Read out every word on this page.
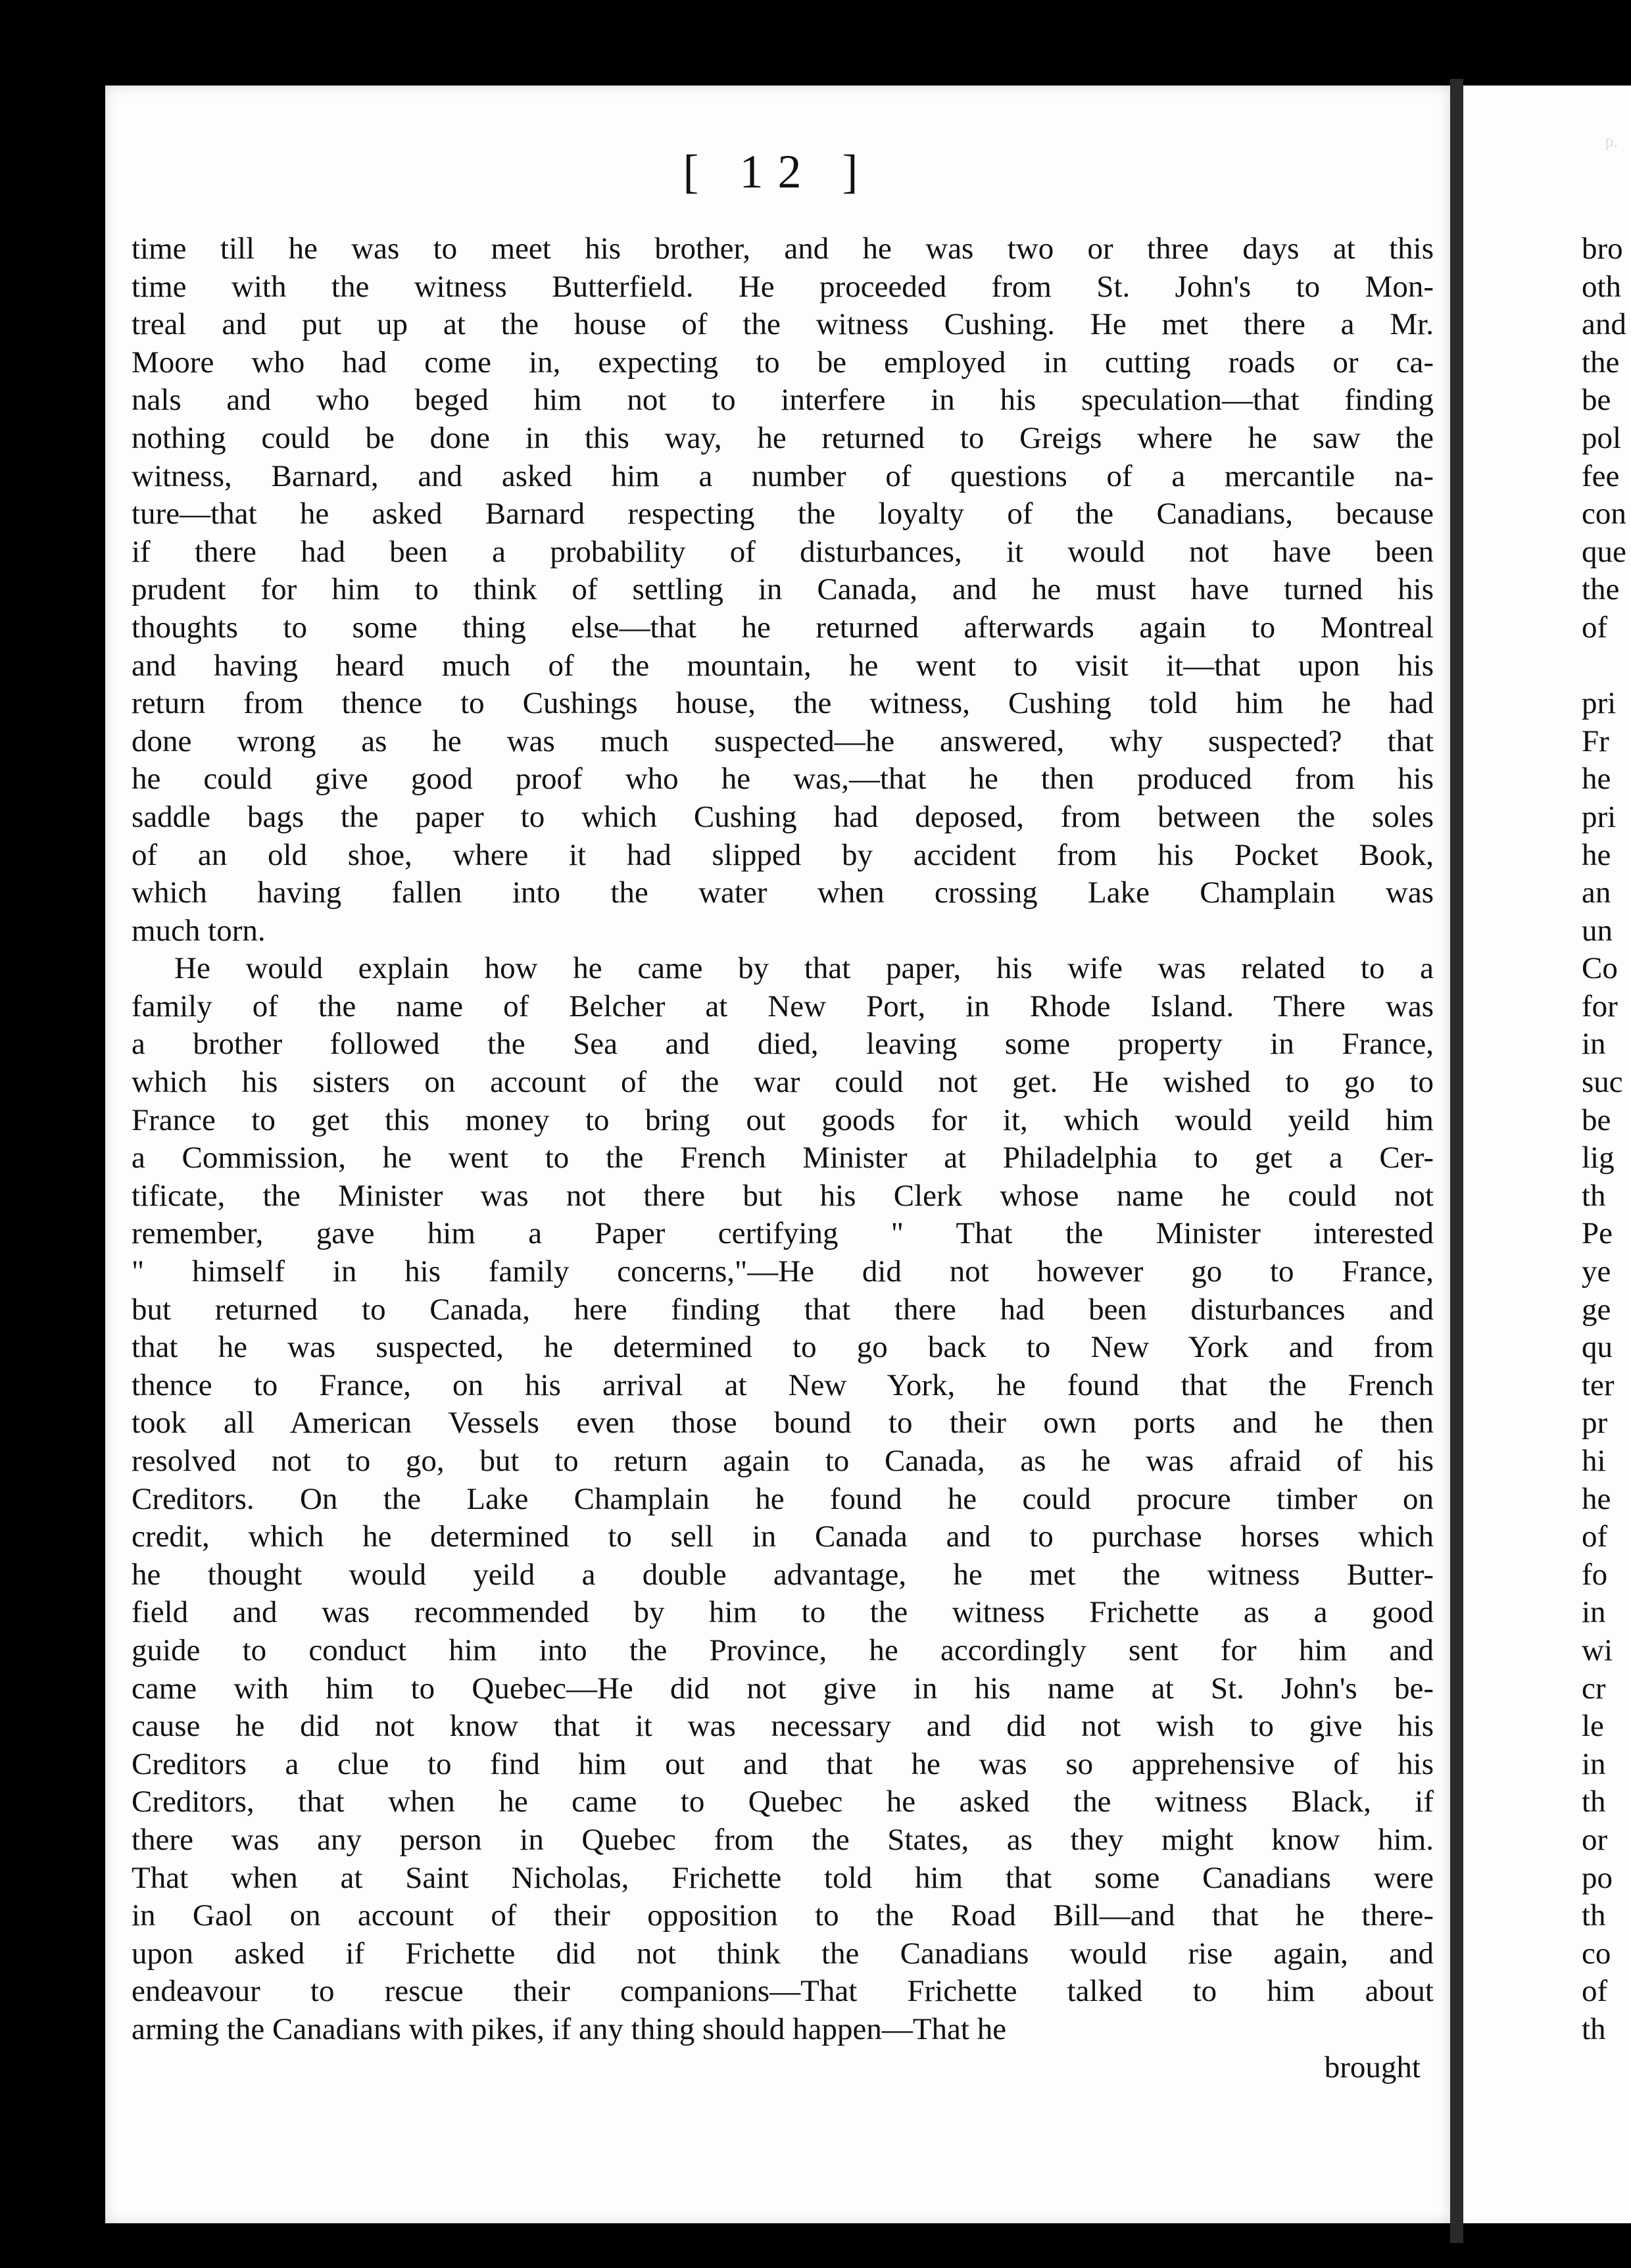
[ 12 ]
time till he was to meet his brother, and he was two or three days at this
time with the witness Butterfield. He proceeded from St. John's to Mon-
treal and put up at the house of the witness Cushing. He met there a Mr.
Moore who had come in, expecting to be employed in cutting roads or ca-
nals and who beged him not to interfere in his speculation—that finding
nothing could be done in this way, he returned to Greigs where he saw the
witness, Barnard, and asked him a number of questions of a mercantile na-
ture—that he asked Barnard respecting the loyalty of the Canadians, because
if there had been a probability of disturbances, it would not have been
prudent for him to think of settling in Canada, and he must have turned his
thoughts to some thing else—that he returned afterwards again to Montreal
and having heard much of the mountain, he went to visit it—that upon his
return from thence to Cushings house, the witness, Cushing told him he had
done wrong as he was much suspected—he answered, why suspected? that
he could give good proof who he was,—that he then produced from his
saddle bags the paper to which Cushing had deposed, from between the soles
of an old shoe, where it had slipped by accident from his Pocket Book,
which having fallen into the water when crossing Lake Champlain was
much torn.
He would explain how he came by that paper, his wife was related to a
family of the name of Belcher at New Port, in Rhode Island. There was
a brother followed the Sea and died, leaving some property in France,
which his sisters on account of the war could not get. He wished to go to
France to get this money to bring out goods for it, which would yeild him
a Commission, he went to the French Minister at Philadelphia to get a Cer-
tificate, the Minister was not there but his Clerk whose name he could not
remember, gave him a Paper certifying " That the Minister interested
" himself in his family concerns,"—He did not however go to France,
but returned to Canada, here finding that there had been disturbances and
that he was suspected, he determined to go back to New York and from
thence to France, on his arrival at New York, he found that the French
took all American Vessels even those bound to their own ports and he then
resolved not to go, but to return again to Canada, as he was afraid of his
Creditors. On the Lake Champlain he found he could procure timber on
credit, which he determined to sell in Canada and to purchase horses which
he thought would yeild a double advantage, he met the witness Butter-
field and was recommended by him to the witness Frichette as a good
guide to conduct him into the Province, he accordingly sent for him and
came with him to Quebec—He did not give in his name at St. John's be-
cause he did not know that it was necessary and did not wish to give his
Creditors a clue to find him out and that he was so apprehensive of his
Creditors, that when he came to Quebec he asked the witness Black, if
there was any person in Quebec from the States, as they might know him.
That when at Saint Nicholas, Frichette told him that some Canadians were
in Gaol on account of their opposition to the Road Bill—and that he there-
upon asked if Frichette did not think the Canadians would rise again, and
endeavour to rescue their companions—That Frichette talked to him about
arming the Canadians with pikes, if any thing should happen—That he
brought
p.
bro
oth
and
the
be
pol
fee
con
que
the
of
pri
Fr
he
pri
he
an
un
Co
for
in
suc
be
lig
th
Pe
ye
ge
qu
ter
pr
hi
he
of
fo
in
wi
cr
le
in
th
or
po
th
co
of
th
